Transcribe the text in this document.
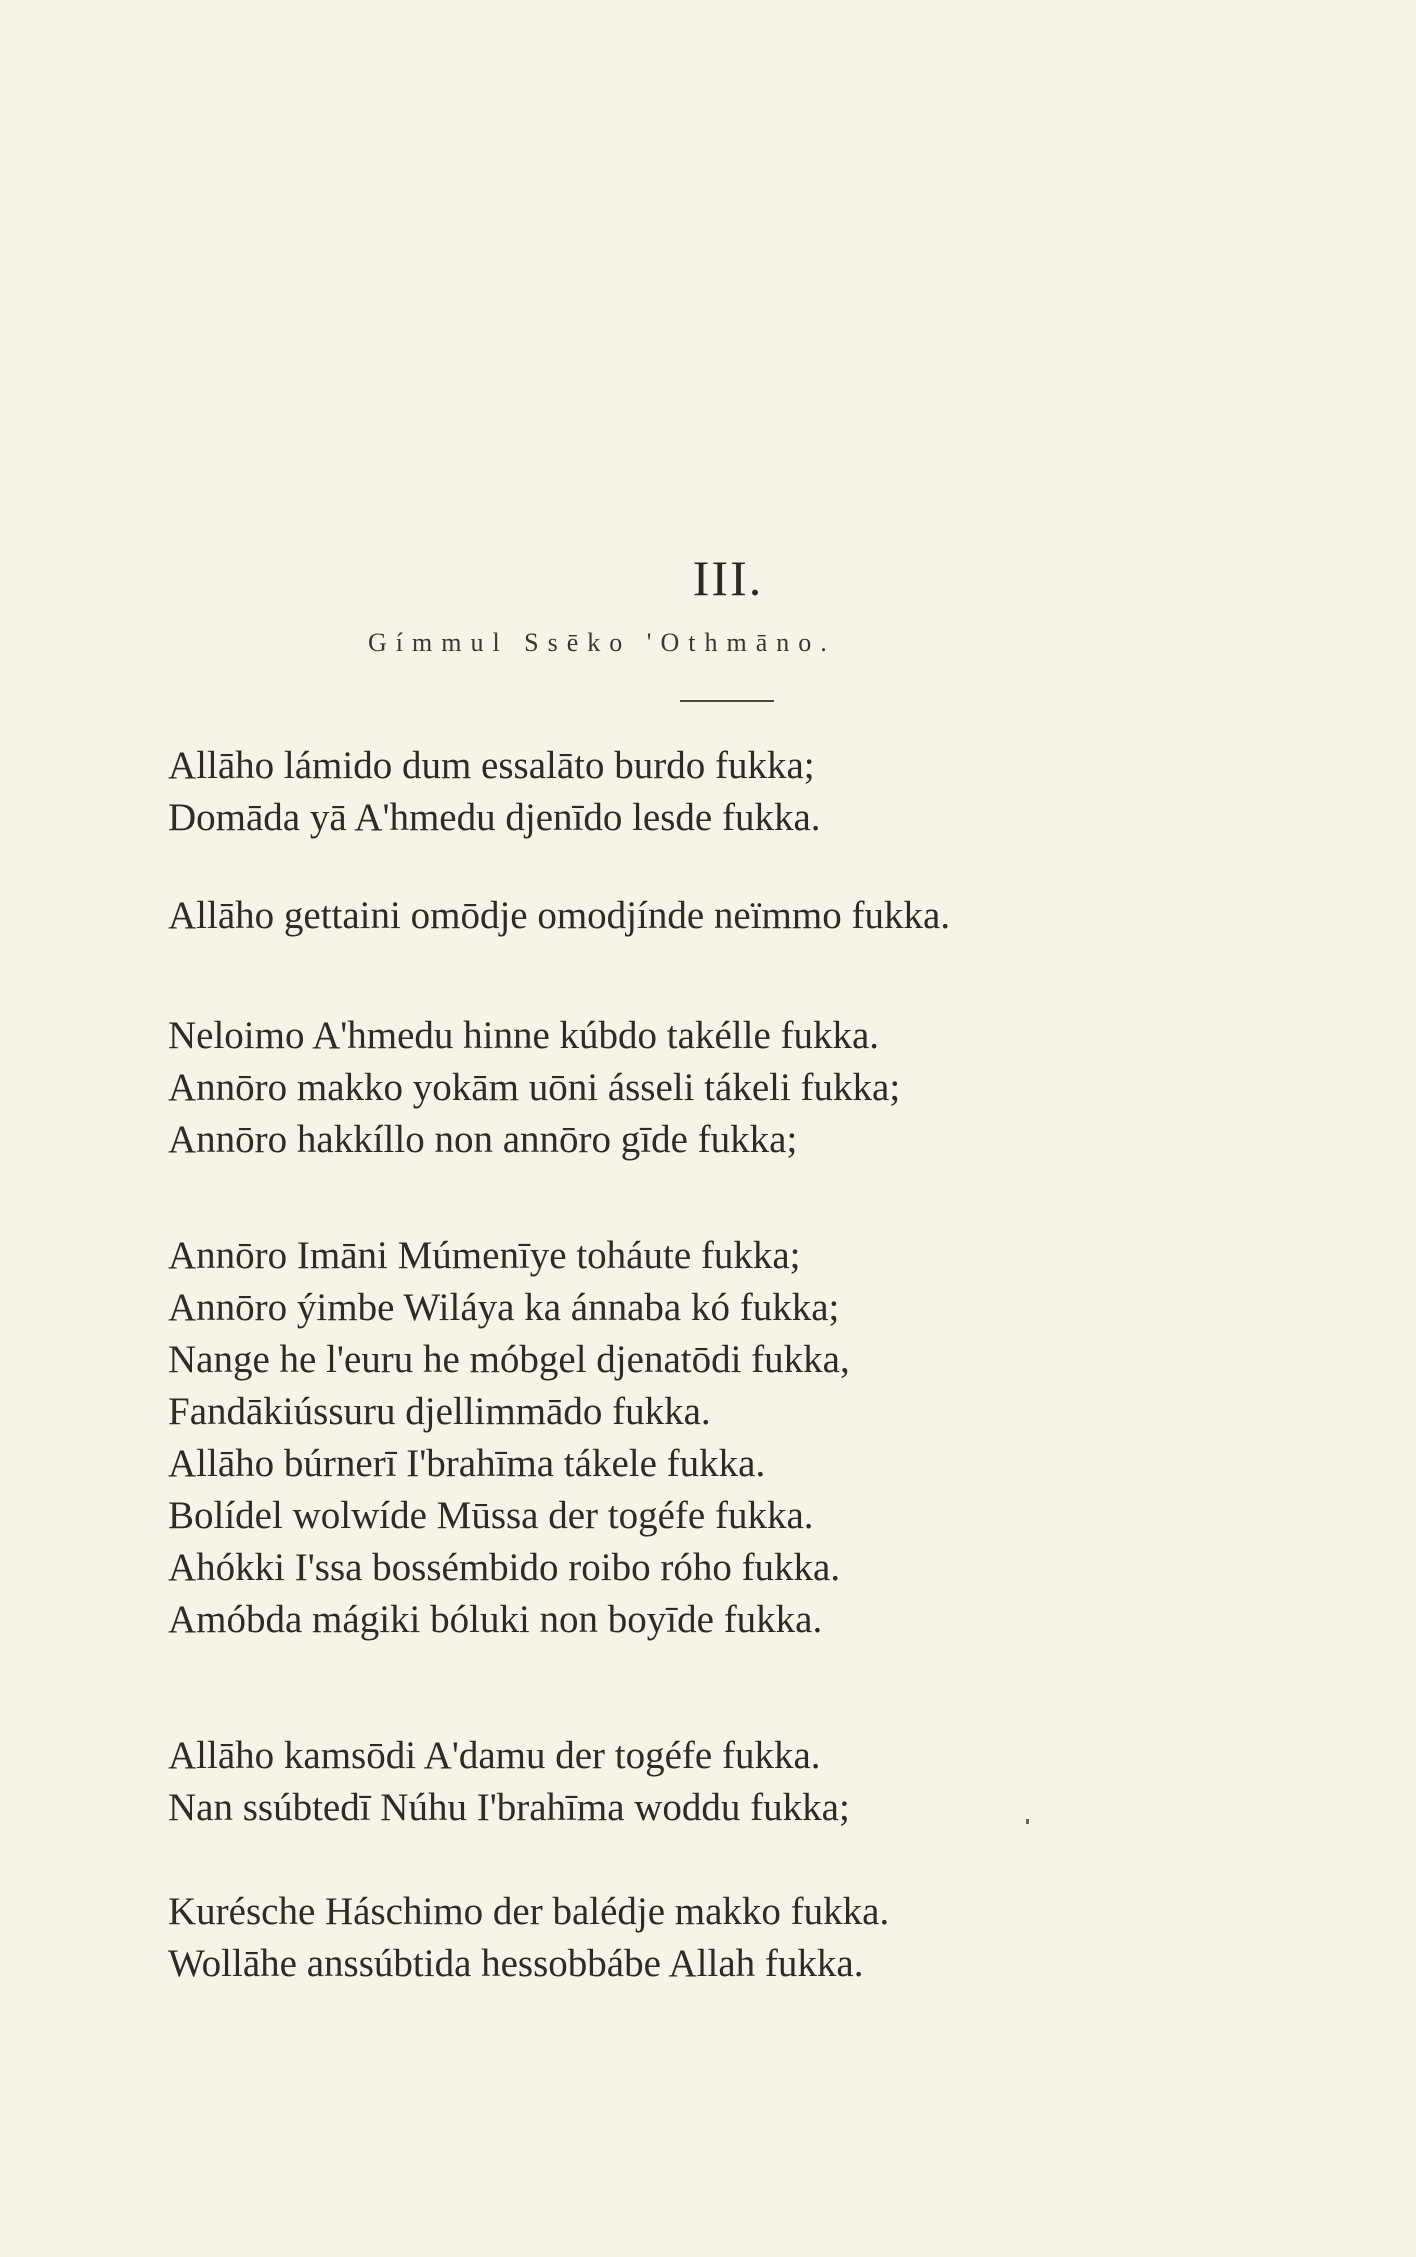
III.
Gímmul Ssēko 'Othmāno.
Allāho lámido dum essalāto burdo fukka;
Domāda yā A'hmedu djenīdo lesde fukka.
Allāho gettaini omōdje omodjínde neïmmo fukka.
Neloimo A'hmedu hinne kúbdo takélle fukka.
Annōro makko yokām uōni ásseli tákeli fukka;
Annōro hakkíllo non annōro gīde fukka;
Annōro Imāni Múmenīye toháute fukka;
Annōro ýimbe Wiláya ka ánnaba kó fukka;
Nange he l'euru he móbgel djenatōdi fukka,
Fandākiússuru djellimmādo fukka.
Allāho búrnerī I'brahīma tákele fukka.
Bolídel wolwíde Mūssa der togéfe fukka.
Ahókki I'ssa bossémbido roibo róho fukka.
Amóbda mágiki bóluki non boyīde fukka.
Allāho kamsōdi A'damu der togéfe fukka.
Nan ssúbtedī Núhu I'brahīma woddu fukka;
Kurésche Háschimo der balédje makko fukka.
Wollāhe anssúbtida hessobbábe Allah fukka.
